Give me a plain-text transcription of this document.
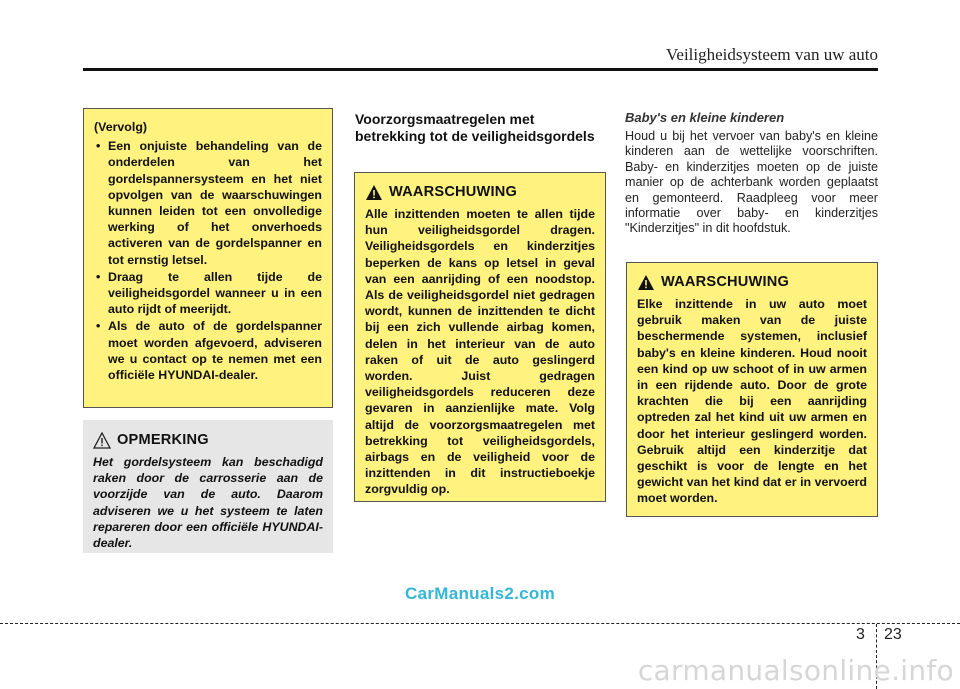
Veiligheidsysteem van uw auto
(Vervolg)
• Een onjuiste behandeling van de onderdelen van het gordelspannersysteem en het niet opvolgen van de waarschuwingen kunnen leiden tot een onvolledige werking of het onverhoeds activeren van de gordelspanner en tot ernstig letsel.
• Draag te allen tijde de veiligheidsgordel wanneer u in een auto rijdt of meerijdt.
• Als de auto of de gordelspanner moet worden afgevoerd, adviseren we u contact op te nemen met een officiële HYUNDAI-dealer.
OPMERKING
Het gordelsysteem kan beschadigd raken door de carrosserie aan de voorzijde van de auto. Daarom adviseren we u het systeem te laten repareren door een officiële HYUNDAI-dealer.
Voorzorgsmaatregelen met betrekking tot de veiligheidsgordels
WAARSCHUWING
Alle inzittenden moeten te allen tijde hun veiligheidsgordel dragen. Veiligheidsgordels en kinderzitjes beperken de kans op letsel in geval van een aanrijding of een noodstop. Als de veiligheidsgordel niet gedragen wordt, kunnen de inzittenden te dicht bij een zich vullende airbag komen, delen in het interieur van de auto raken of uit de auto geslingerd worden. Juist gedragen veiligheidsgordels reduceren deze gevaren in aanzienlijke mate. Volg altijd de voorzorgsmaatregelen met betrekking tot veiligheidsgordels, airbags en de veiligheid voor de inzittenden in dit instructieboekje zorgvuldig op.
Baby's en kleine kinderen
Houd u bij het vervoer van baby's en kleine kinderen aan de wettelijke voorschriften. Baby- en kinderzitjes moeten op de juiste manier op de achterbank worden geplaatst en gemonteerd. Raadpleeg voor meer informatie over baby- en kinderzitjes "Kinderzitjes" in dit hoofdstuk.
WAARSCHUWING
Elke inzittende in uw auto moet gebruik maken van de juiste beschermende systemen, inclusief baby's en kleine kinderen. Houd nooit een kind op uw schoot of in uw armen in een rijdende auto. Door de grote krachten die bij een aanrijding optreden zal het kind uit uw armen en door het interieur geslingerd worden. Gebruik altijd een kinderzitje dat geschikt is voor de lengte en het gewicht van het kind dat er in vervoerd moet worden.
CarManuals2.com
3 23
carmanualsonline.info
